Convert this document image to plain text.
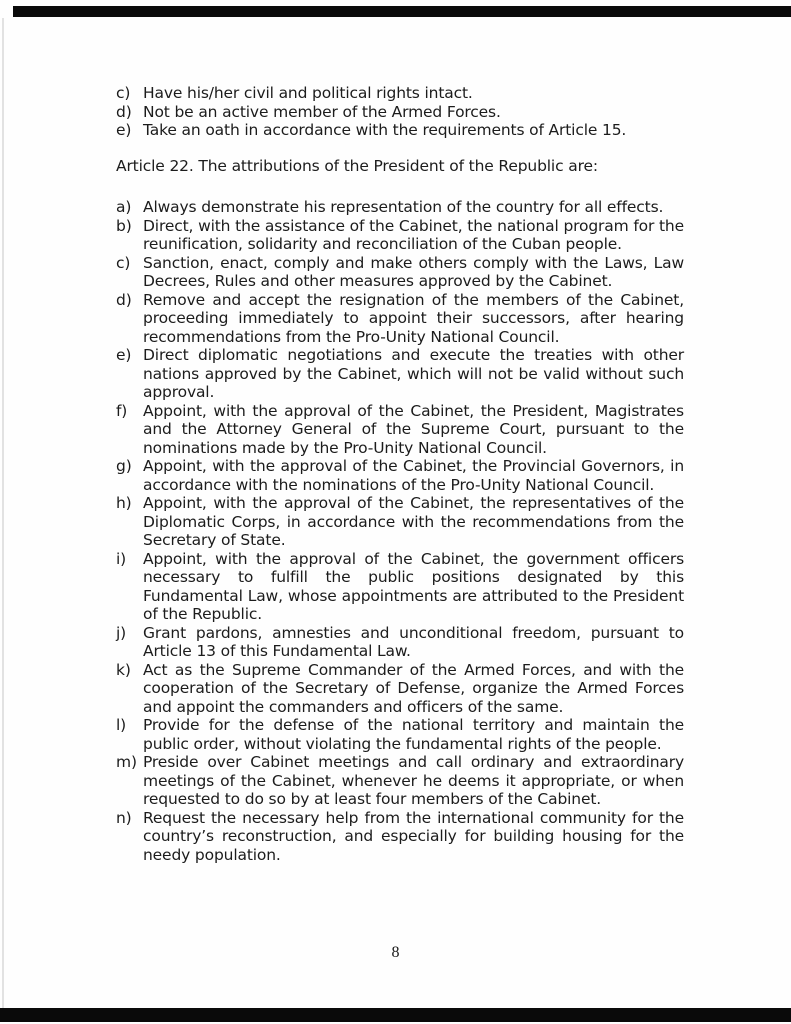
c) Have his/her civil and political rights intact.
d) Not be an active member of the Armed Forces.
e) Take an oath in accordance with the requirements of Article 15.

Article 22. The attributions of the President of the Republic are:

a) Always demonstrate his representation of the country for all effects.
b) Direct, with the assistance of the Cabinet, the national program for the reunification, solidarity and reconciliation of the Cuban people.
c) Sanction, enact, comply and make others comply with the Laws, Law Decrees, Rules and other measures approved by the Cabinet.
d) Remove and accept the resignation of the members of the Cabinet, proceeding immediately to appoint their successors, after hearing recommendations from the Pro-Unity National Council.
e) Direct diplomatic negotiations and execute the treaties with other nations approved by the Cabinet, which will not be valid without such approval.
f)	Appoint, with the approval of the Cabinet, the President, Magistrates and the Attorney General of the Supreme Court, pursuant to the nominations made by the Pro-Unity National Council.
g) Appoint, with the approval of the Cabinet, the Provincial Governors, in accordance with the nominations of the Pro-Unity National Council.
h) Appoint, with the approval of the Cabinet, the representatives of the Diplomatic Corps, in accordance with the recommendations from the Secretary of State.
i)	Appoint, with the approval of the Cabinet, the government officers necessary to fulfill the public positions designated by this Fundamental Law, whose appointments are attributed to the President of the Republic.
j)	Grant pardons, amnesties and unconditional freedom, pursuant to Article 13 of this Fundamental Law.
k) Act as the Supreme Commander of the Armed Forces, and with the cooperation of the Secretary of Defense, organize the Armed Forces and appoint the commanders and officers of the same.
l)	Provide for the defense of the national territory and maintain the public order, without violating the fundamental rights of the people.
m) Preside over Cabinet meetings and call ordinary and extraordinary meetings of the Cabinet, whenever he deems it appropriate, or when requested to do so by at least four members of the Cabinet.
n) Request the necessary help from the international community for the country’s reconstruction, and especially for building housing for the needy population.
8
